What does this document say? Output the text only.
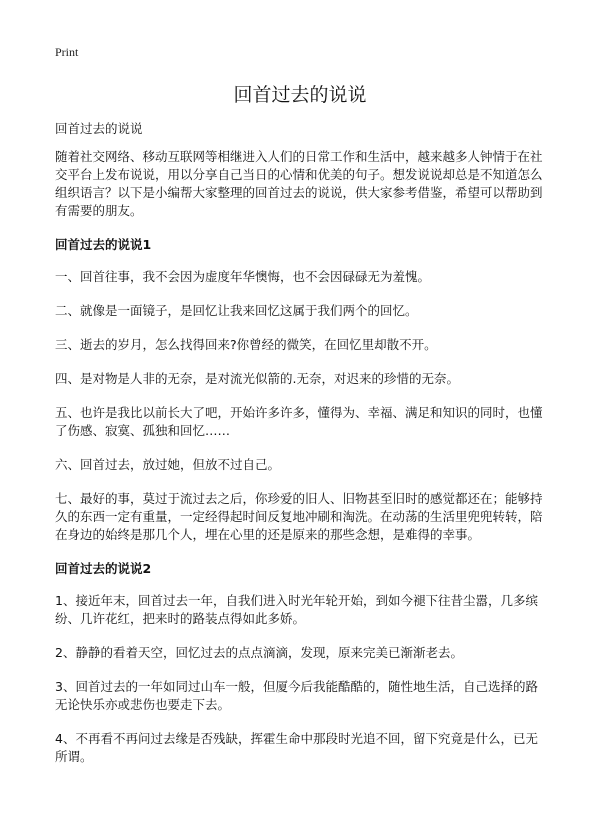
Print
回首过去的说说

回首过去的说说

随着社交网络、移动互联网等相继进入人们的日常工作和生活中，越来越多人钟情于在社交平台上发布说说，用以分享自己当日的心情和优美的句子。想发说说却总是不知道怎么组织语言？以下是小编帮大家整理的回首过去的说说，供大家参考借鉴，希望可以帮助到有需要的朋友。

回首过去的说说1

一、回首往事，我不会因为虚度年华懊悔，也不会因碌碌无为羞愧。

二、就像是一面镜子，是回忆让我来回忆这属于我们两个的回忆。

三、逝去的岁月，怎么找得回来?你曾经的微笑，在回忆里却散不开。

四、是对物是人非的无奈，是对流光似箭的.无奈，对迟来的珍惜的无奈。

五、也许是我比以前长大了吧，开始许多许多，懂得为、幸福、满足和知识的同时，也懂了伤感、寂寞、孤独和回忆……

六、回首过去，放过她，但放不过自己。

七、最好的事，莫过于流过去之后，你珍爱的旧人、旧物甚至旧时的感觉都还在；能够持久的东西一定有重量，一定经得起时间反复地冲刷和淘洗。在动荡的生活里兜兜转转，陪在身边的始终是那几个人，埋在心里的还是原来的那些念想，是难得的幸事。

回首过去的说说2

1、接近年末，回首过去一年，自我们进入时光年轮开始，到如今褪下往昔尘嚣，几多缤纷、几许花红，把来时的路装点得如此多娇。

2、静静的看着天空，回忆过去的点点滴滴，发现，原来完美已渐渐老去。

3、回首过去的一年如同过山车一般，但厦今后我能酷酷的，随性地生活，自己选择的路无论快乐亦或悲伤也要走下去。

4、不再看不再问过去缘是否残缺，挥霍生命中那段时光追不回，留下究竟是什么，已无所谓。
